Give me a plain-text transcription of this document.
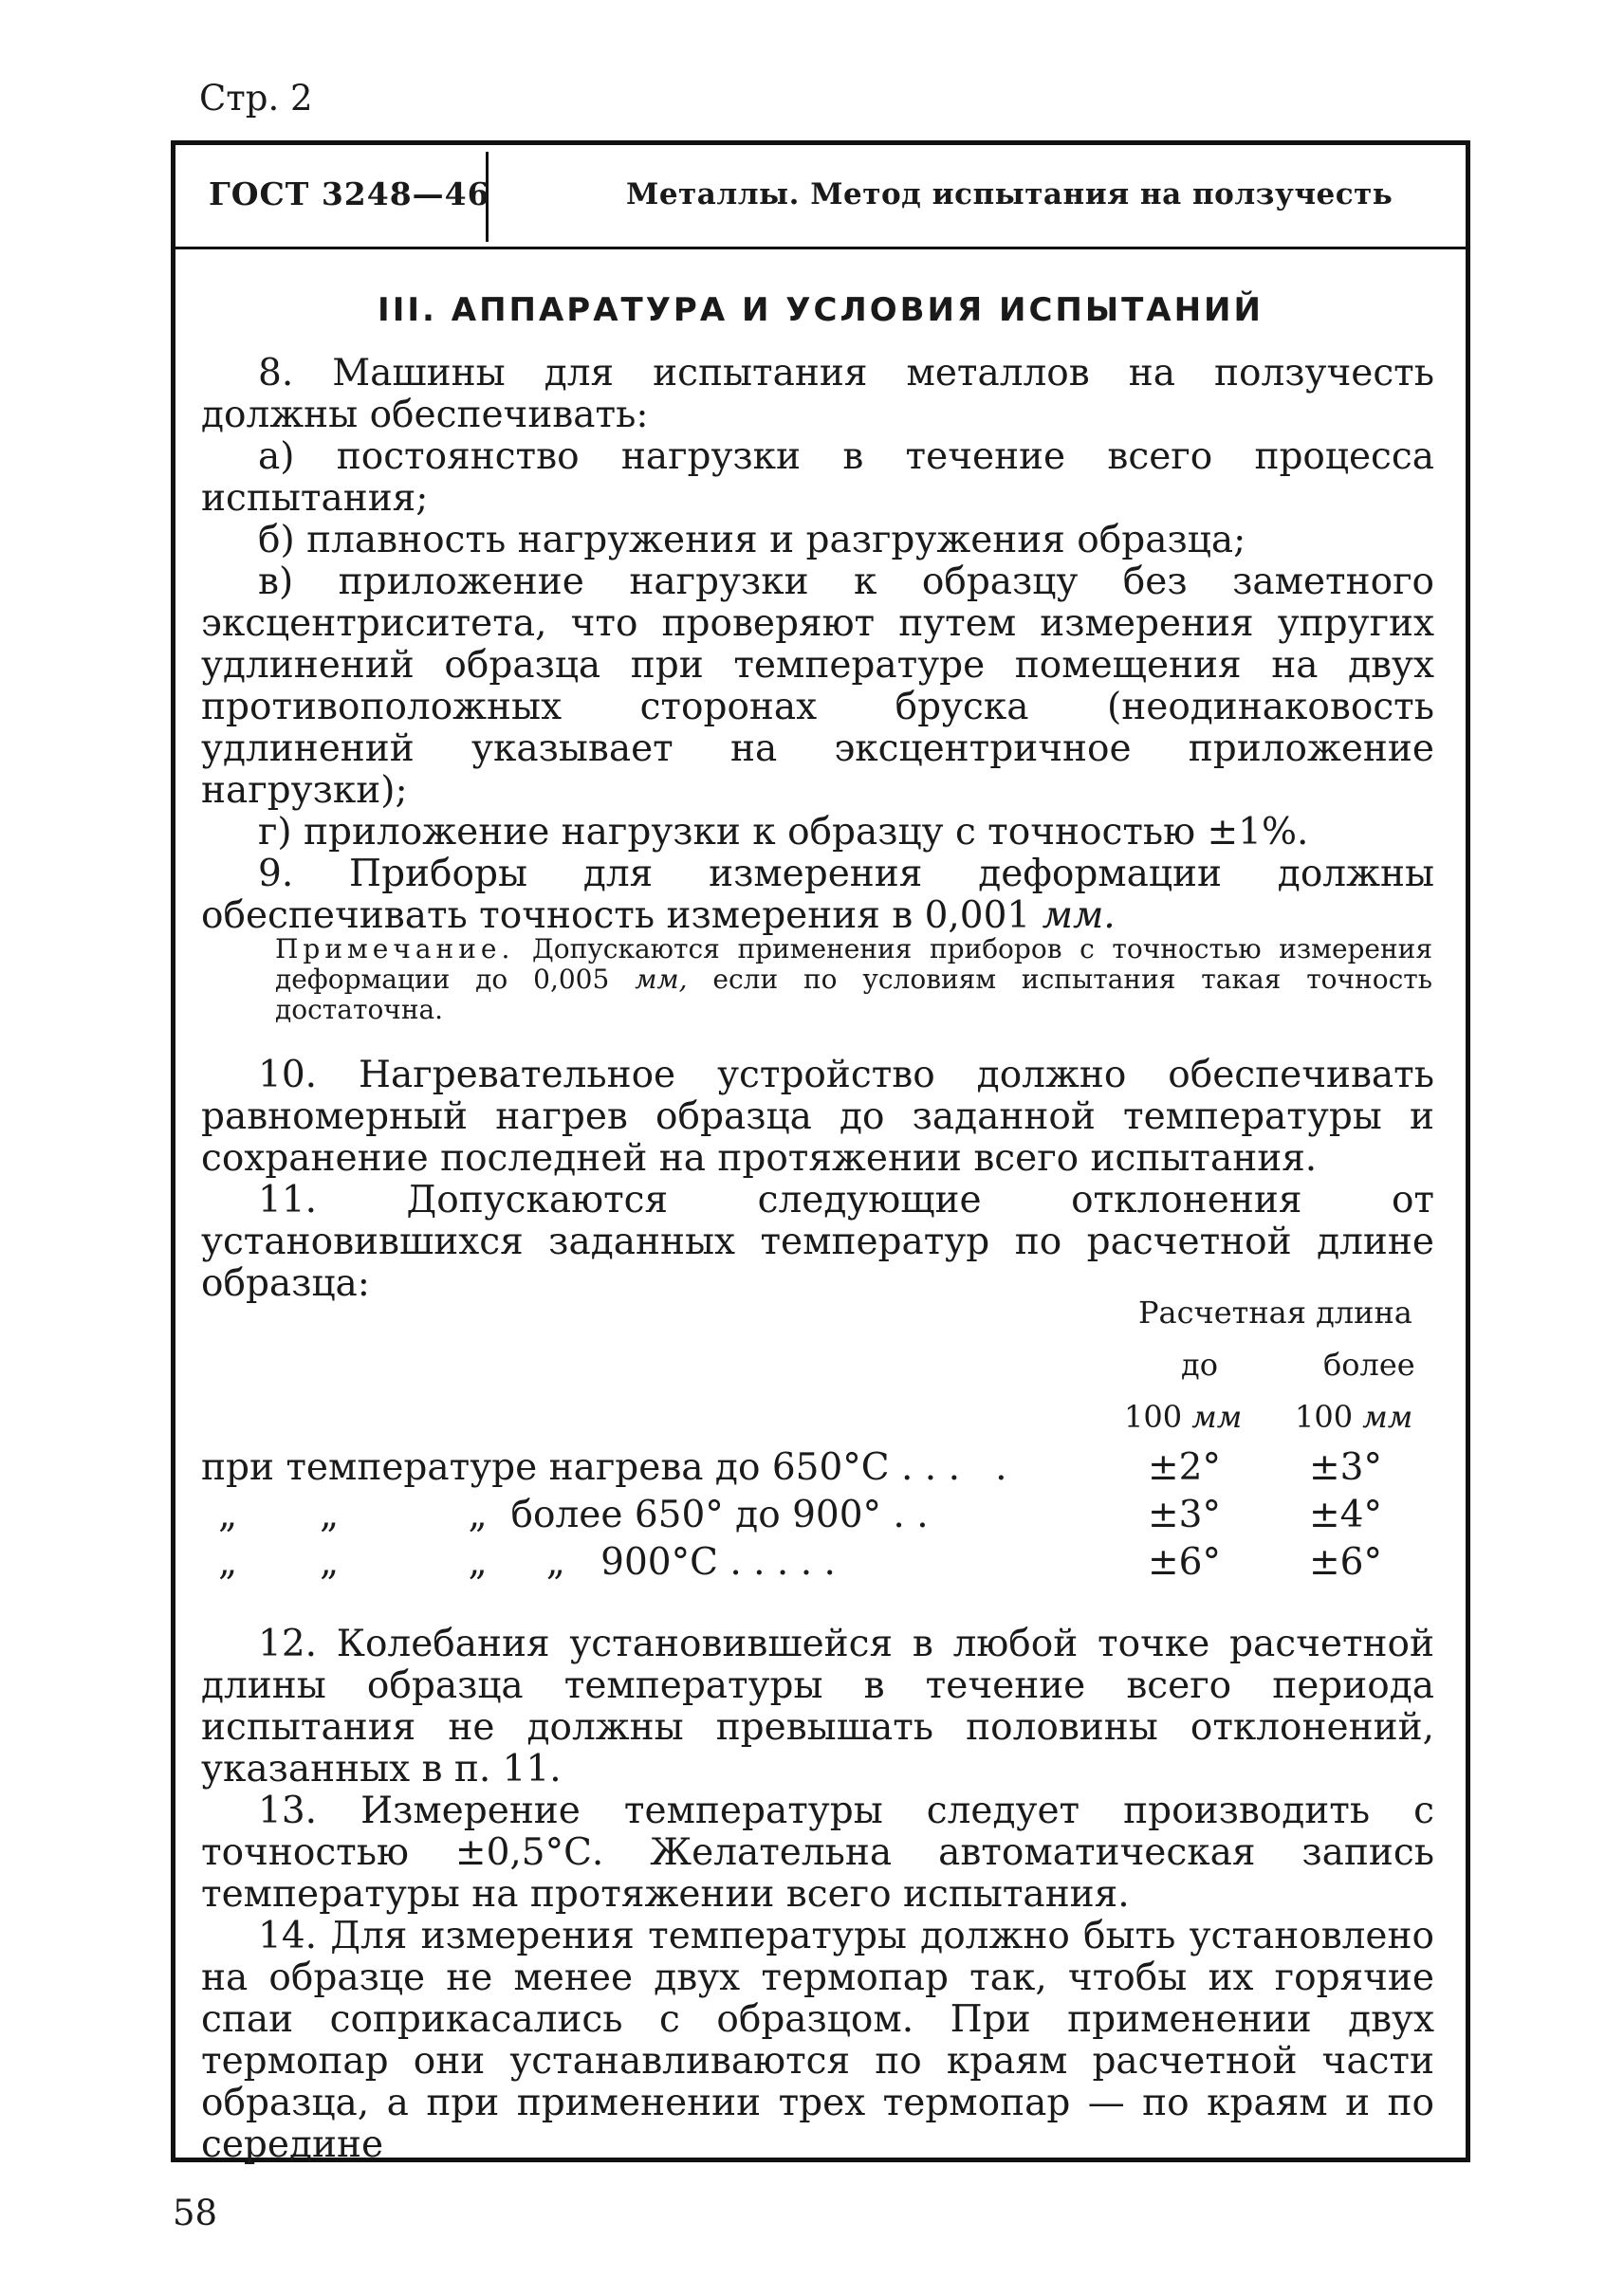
Стр. 2
ГОСТ 3248—46	Металлы. Метод испытания на ползучесть
III. АППАРАТУРА И УСЛОВИЯ ИСПЫТАНИЙ

8. Машины для испытания металлов на ползучесть должны обеспечивать:

а) постоянство нагрузки в течение всего процесса испытания;

б) плавность нагружения и разгружения образца;

в) приложение нагрузки к образцу без заметного эксцентриситета, что проверяют путем измерения упругих удлинений образца при температуре помещения на двух противоположных сторонах бруска (неодинаковость удлинений указывает на эксцентричное приложение нагрузки);

г) приложение нагрузки к образцу с точностью ±1%.

9. Приборы для измерения деформации должны обеспечивать точность измерения в 0,001 мм.

Примечание. Допускаются применения приборов с точностью измерения деформации до 0,005 мм, если по условиям испытания такая точность достаточна.

10. Нагревательное устройство должно обеспечивать равномерный нагрев образца до заданной температуры и сохранение последней на протяжении всего испытания.

11. Допускаются следующие отклонения от установившихся заданных температур по расчетной длине образца:

Расчетная длина
до	более
100 мм 100 мм
при температуре нагрева до 650°С . . .   .	±2° ±3°
„       „           „  более 650° до 900° . .	±3° ±4°
„       „           „     „   900°С . . . . .	±6° ±6°

12. Колебания установившейся в любой точке расчетной длины образца температуры в течение всего периода испытания не должны превышать половины отклонений, указанных в п. 11.

13. Измерение температуры следует производить с точностью ±0,5°С. Желательна автоматическая запись температуры на протяжении всего испытания.

14. Для измерения температуры должно быть установлено на образце не менее двух термопар так, чтобы их горячие спаи соприкасались с образцом. При применении двух термопар они устанавливаются по краям расчетной части образца, а при применении трех термопар — по краям и по середине

58
